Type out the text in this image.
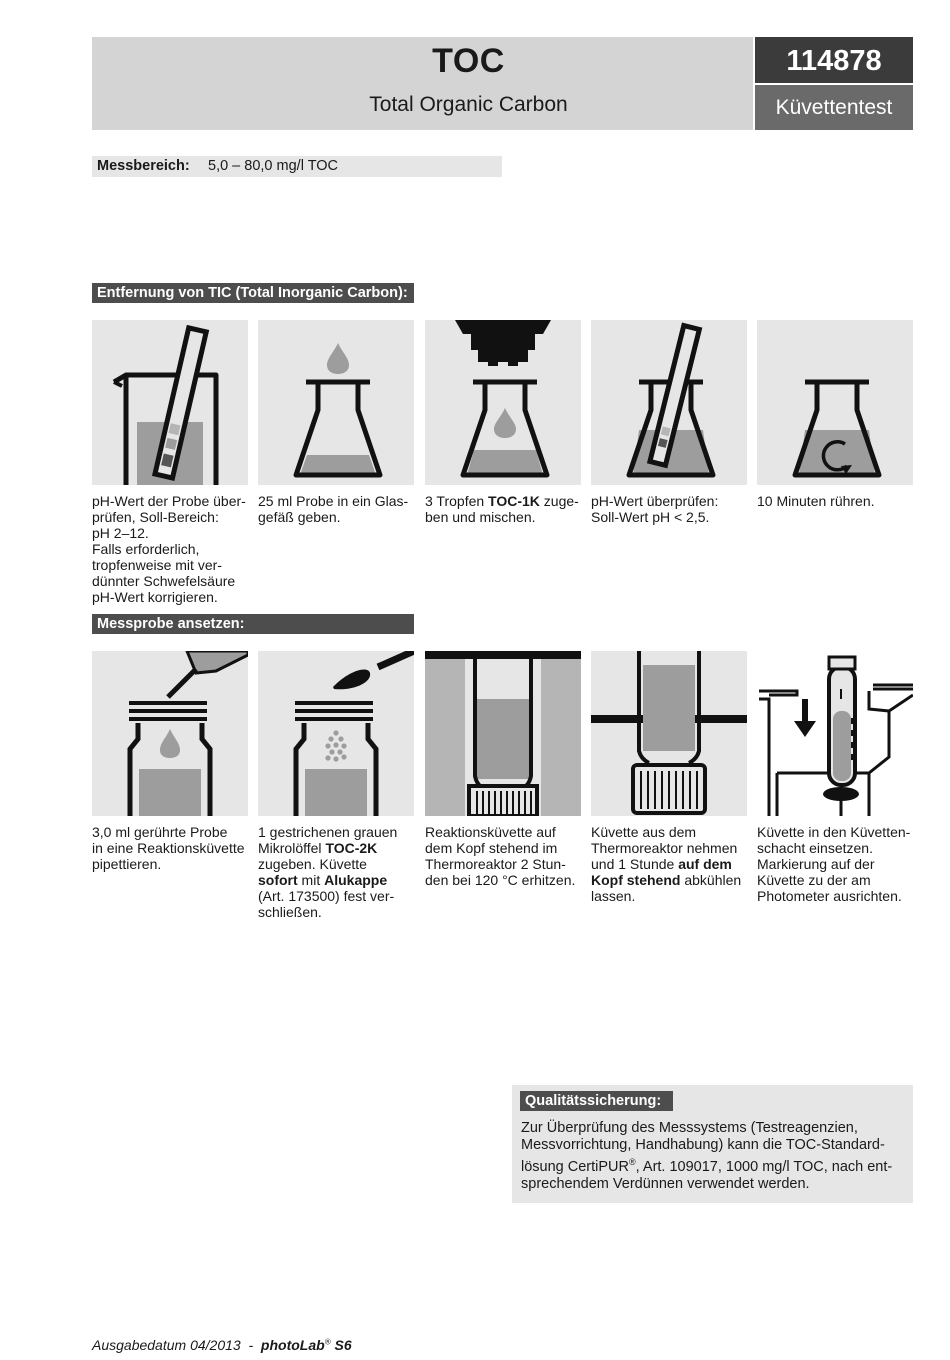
TOC
Total Organic Carbon
114878
Küvettentest
Messbereich: 5,0 – 80,0 mg/l TOC
Entfernung von TIC (Total Inorganic Carbon):
pH-Wert der Probe über-
prüfen, Soll-Bereich:
pH 2–12.
Falls erforderlich,
tropfenweise mit ver-
dünnter Schwefelsäure
pH-Wert korrigieren.
25 ml Probe in ein Glas-
gefäß geben.
3 Tropfen TOC-1K zuge-
ben und mischen.
pH-Wert überprüfen:
Soll-Wert pH < 2,5.
10 Minuten rühren.
Messprobe ansetzen:
3,0 ml gerührte Probe
in eine Reaktionsküvette
pipettieren.
1 gestrichenen grauen
Mikrolöffel TOC-2K
zugeben. Küvette
sofort mit Alukappe
(Art. 173500) fest ver-
schließen.
Reaktionsküvette auf
dem Kopf stehend im
Thermoreaktor 2 Stun-
den bei 120 °C erhitzen.
Küvette aus dem
Thermoreaktor nehmen
und 1 Stunde auf dem
Kopf stehend abkühlen
lassen.
Küvette in den Küvetten-
schacht einsetzen.
Markierung auf der
Küvette zu der am
Photometer ausrichten.
Qualitätssicherung:
Zur Überprüfung des Messsystems (Testreagenzien,
Messvorrichtung, Handhabung) kann die TOC-Standard-
lösung CertiPUR®, Art. 109017, 1000 mg/l TOC, nach ent-
sprechendem Verdünnen verwendet werden.
Ausgabedatum 04/2013  -  photoLab® S6
